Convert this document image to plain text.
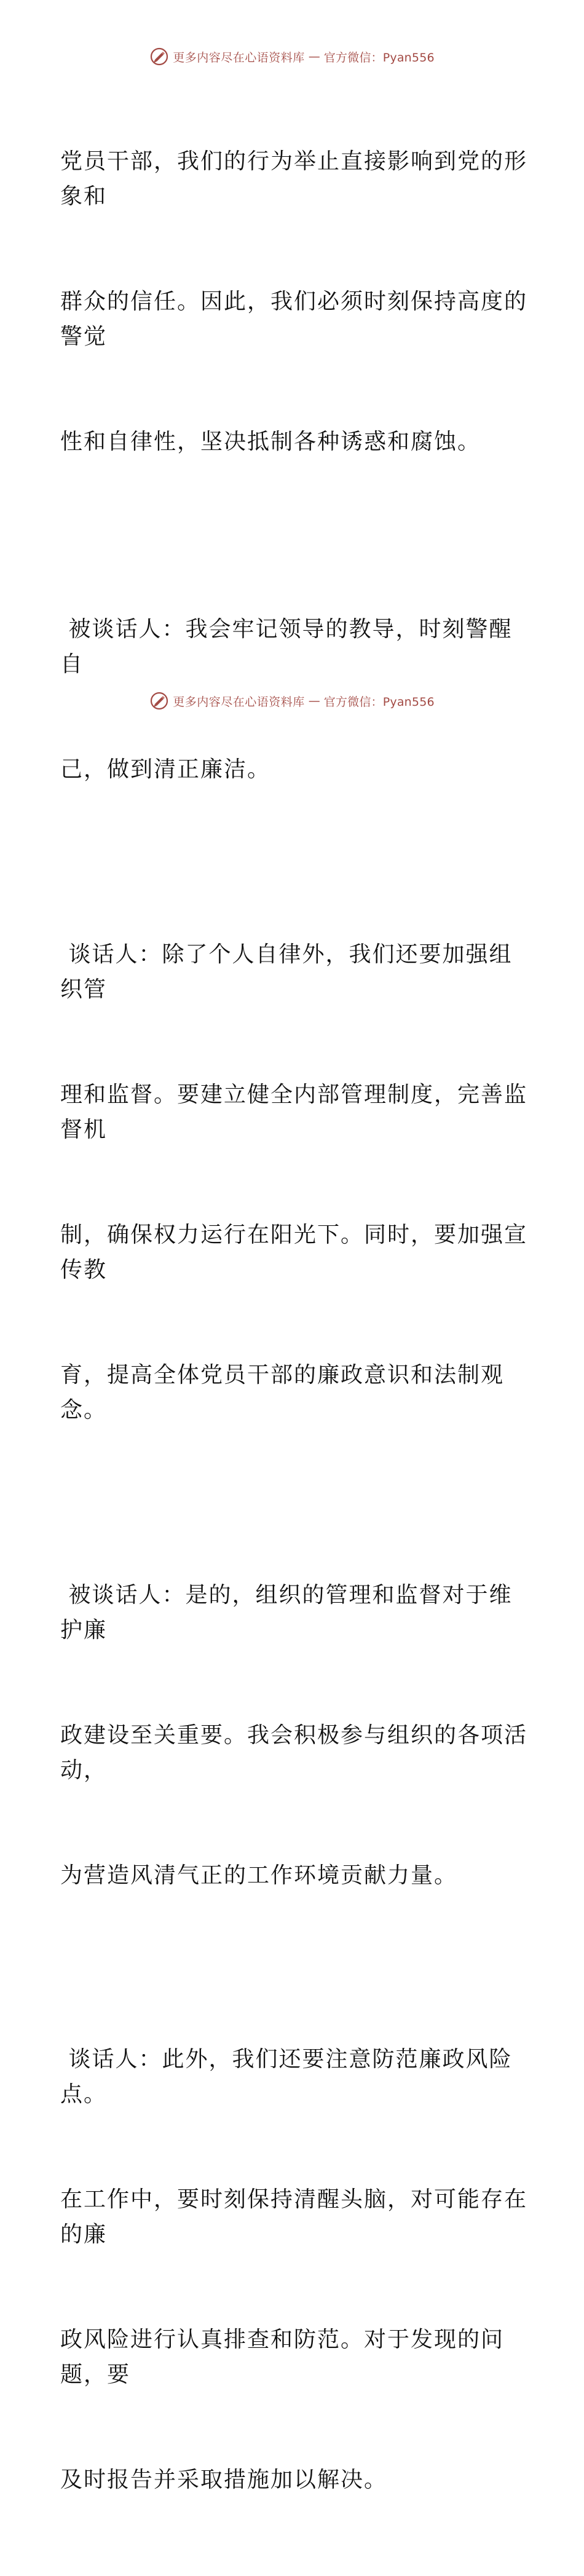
更多内容尽在心语资料库 — 官方微信：Pyan556

党员干部，我们的行为举止直接影响到党的形象和

群众的信任。因此，我们必须时刻保持高度的警觉

性和自律性，坚决抵制各种诱惑和腐蚀。

被谈话人：我会牢记领导的教导，时刻警醒自

己，做到清正廉洁。

谈话人：除了个人自律外，我们还要加强组织管

理和监督。要建立健全内部管理制度，完善监督机

制，确保权力运行在阳光下。同时，要加强宣传教

育，提高全体党员干部的廉政意识和法制观念。

被谈话人：是的，组织的管理和监督对于维护廉

政建设至关重要。我会积极参与组织的各项活动，

为营造风清气正的工作环境贡献力量。

谈话人：此外，我们还要注意防范廉政风险点。

在工作中，要时刻保持清醒头脑，对可能存在的廉

政风险进行认真排查和防范。对于发现的问题，要

及时报告并采取措施加以解决。

更多内容尽在心语资料库 — 官方微信：Pyan556
